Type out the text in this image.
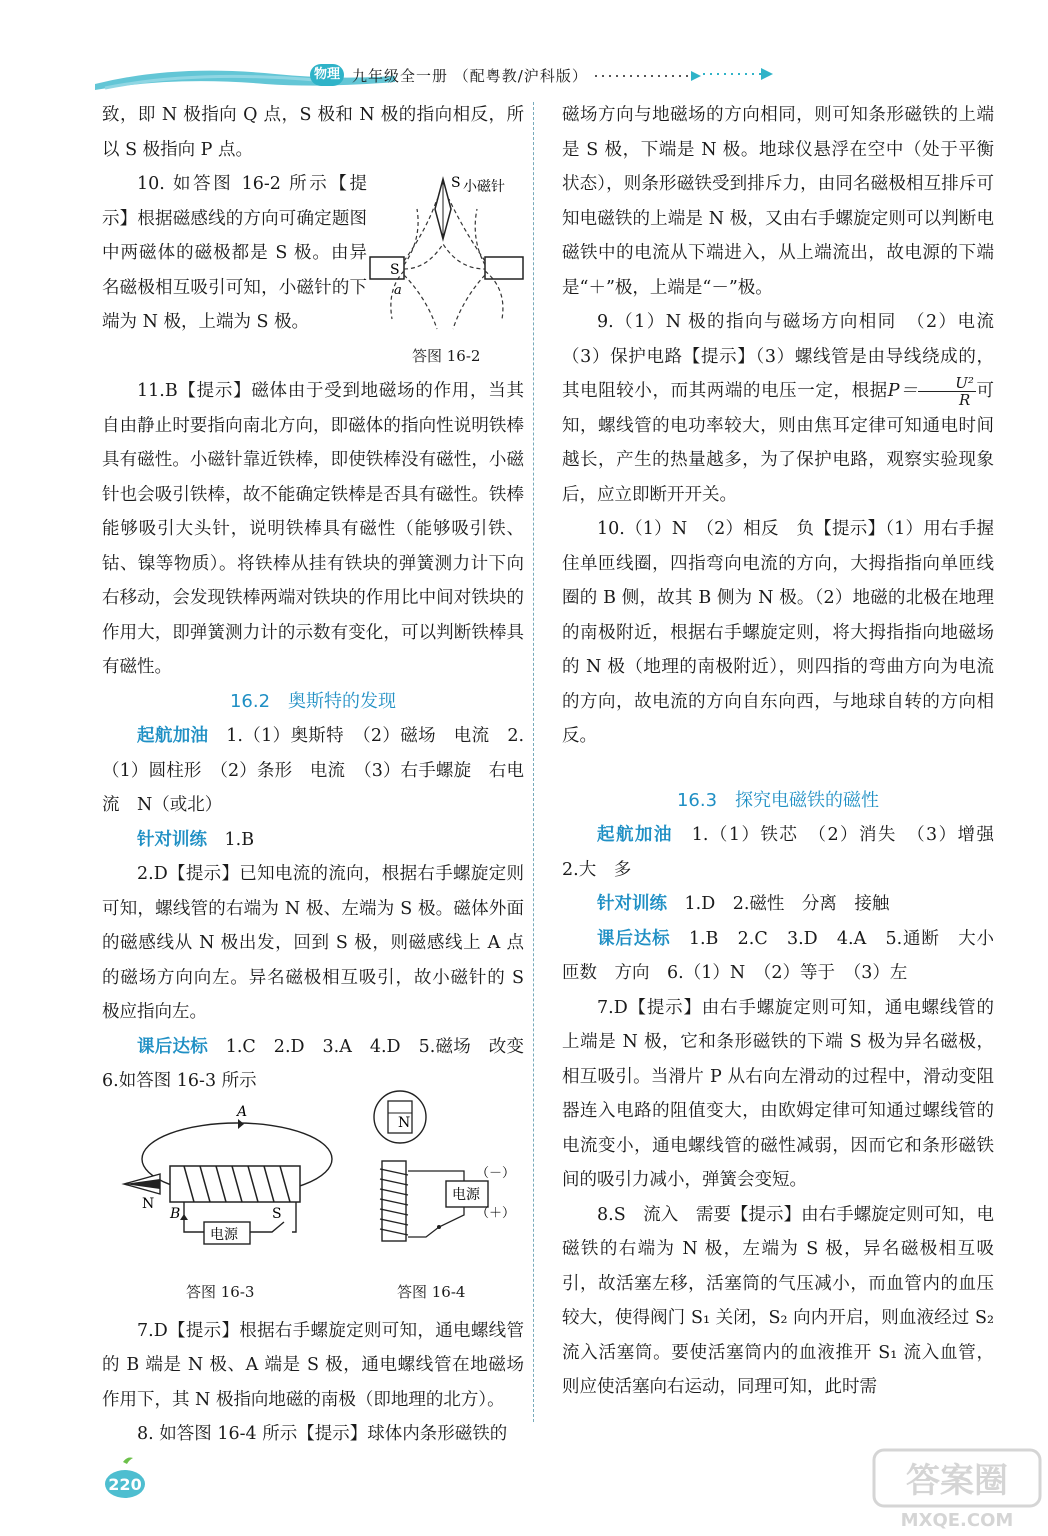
物理 九年级全一册 （配粤教/沪科版）

致，即 N 极指向 Q 点，S 极和 N 极的指向相反，所以 S 极指向 P 点。

10. 如答图 16-2 所示【提示】根据磁感线的方向可确定题图中两磁体的磁极都是 S 极。由异名磁极相互吸引可知，小磁针的下端为 N 极，上端为 S 极。

S 小磁针
S
a
答图 16-2

11.B【提示】磁体由于受到地磁场的作用，当其自由静止时要指向南北方向，即磁体的指向性说明铁棒具有磁性。小磁针靠近铁棒，即使铁棒没有磁性，小磁针也会吸引铁棒，故不能确定铁棒是否具有磁性。铁棒能够吸引大头针，说明铁棒具有磁性（能够吸引铁、钴、镍等物质）。将铁棒从挂有铁块的弹簧测力计下向右移动，会发现铁棒两端对铁块的作用比中间对铁块的作用大，即弹簧测力计的示数有变化，可以判断铁棒具有磁性。

16.2　奥斯特的发现

起航加油　 1.（1）奥斯特　（2）磁场　电流　2.（1）圆柱形　（2）条形　电流　（3）右手螺旋　右电流　N（或北）

针对训练　 1.B

2.D【提示】已知电流的流向，根据右手螺旋定则可知，螺线管的右端为 N 极、左端为 S 极。磁体外面的磁感线从 N 极出发，回到 S 极，则磁感线上 A 点的磁场方向向左。异名磁极相互吸引，故小磁针的 S 极应指向左。

课后达标　 1.C　2.D　3.A　4.D　5.磁场　改变　6.如答图 16-3 所示

A
B
N
S
电源
N
电源
（－）
（＋）
答图 16-3	答图 16-4

7.D【提示】根据右手螺旋定则可知，通电螺线管的 B 端是 N 极、A 端是 S 极，通电螺线管在地磁场作用下，其 N 极指向地磁的南极（即地理的北方）。

8. 如答图 16-4 所示【提示】球体内条形磁铁的

磁场方向与地磁场的方向相同，则可知条形磁铁的上端是 S 极，下端是 N 极。地球仪悬浮在空中（处于平衡状态），则条形磁铁受到排斥力，由同名磁极相互排斥可知电磁铁的上端是 N 极，又由右手螺旋定则可以判断电磁铁中的电流从下端进入，从上端流出，故电源的下端是“＋”极，上端是“－”极。

9.（1）N 极的指向与磁场方向相同　（2）电流　（3）保护电路【提示】（3）螺线管是由导线绕成的，其电阻较小，而其两端的电压一定，根据$P= \frac{\text{U²}}{R}$ 可知，螺线管的电功率较大，则由焦耳定律可知通电时间越长，产生的热量越多，为了保护电路，观察实验现象后，应立即断开开关。

10.（1）N　（2）相反　负【提示】（1）用右手握住单匝线圈，四指弯向电流的方向，大拇指指向单匝线圈的 B 侧，故其 B 侧为 N 极。（2）地磁的北极在地理的南极附近，根据右手螺旋定则，将大拇指指向地磁场的 N 极（地理的南极附近），则四指的弯曲方向为电流的方向，故电流的方向自东向西，与地球自转的方向相反。

16.3　探究电磁铁的磁性

起航加油　 1.（1）铁芯　（2）消失　（3）增强　2.大　多

针对训练　 1.D　2.磁性　分离　接触

课后达标　 1.B　2.C　3.D　4.A　5.通断　大小　匝数　方向　6.（1）N　（2）等于　（3）左

7.D【提示】由右手螺旋定则可知，通电螺线管的上端是 N 极，它和条形磁铁的下端 S 极为异名磁极，相互吸引。当滑片 P 从右向左滑动的过程中，滑动变阻器连入电路的阻值变大，由欧姆定律可知通过螺线管的电流变小，通电螺线管的磁性减弱，因而它和条形磁铁间的吸引力减小，弹簧会变短。

8.S　流入　需要【提示】由右手螺旋定则可知，电磁铁的右端为 N 极，左端为 S 极，异名磁极相互吸引，故活塞左移，活塞筒的气压减小，而血管内的血压较大，使得阀门 S₁ 关闭，S₂ 向内开启，则血液经过 S₂ 流入活塞筒。要使活塞筒内的血液推开 S₁ 流入血管，则应使活塞向右运动，同理可知，此时需

220	答案圈
MXQE.COM
